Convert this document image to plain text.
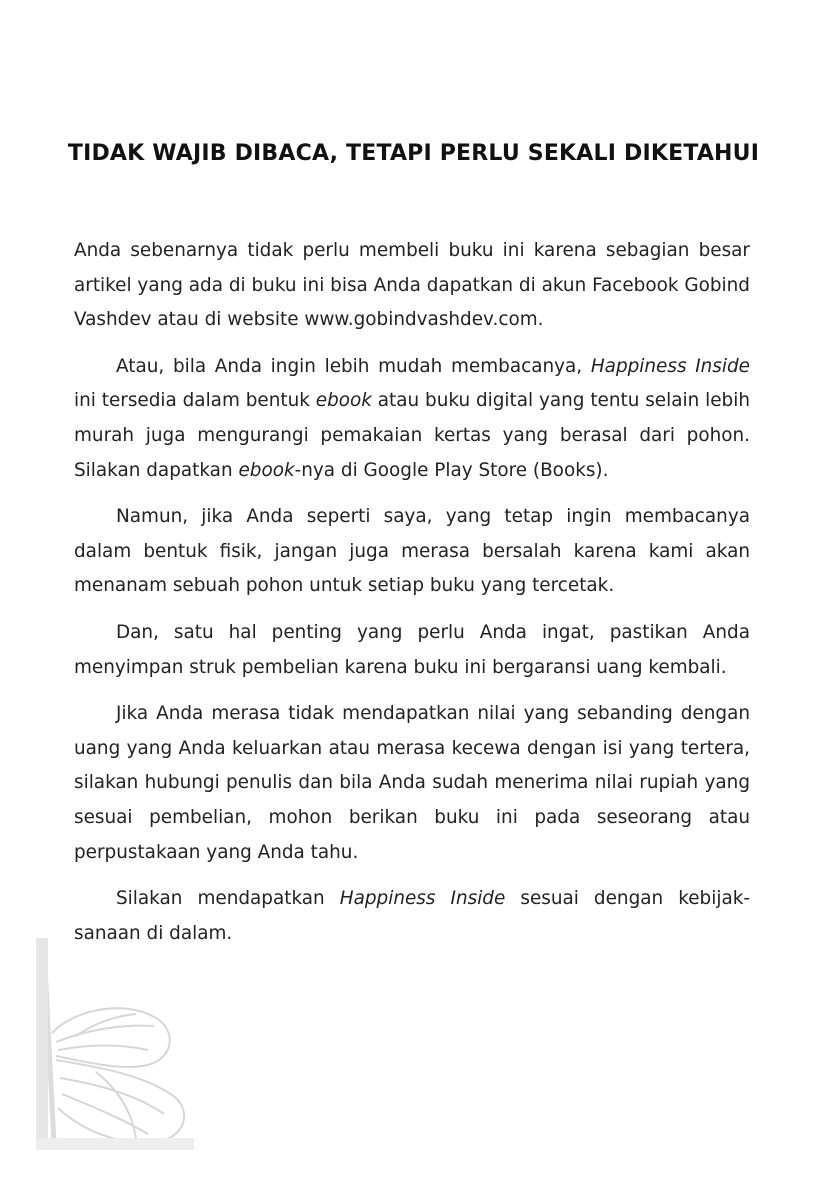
TIDAK WAJIB DIBACA, TETAPI PERLU SEKALI DIKETAHUI

Anda sebenarnya tidak perlu membeli buku ini karena sebagian besar artikel yang ada di buku ini bisa Anda dapatkan di akun Facebook Gobind Vashdev atau di website www.gobindvashdev.com.

Atau, bila Anda ingin lebih mudah membacanya, Happiness Inside ini tersedia dalam bentuk ebook atau buku digital yang tentu selain lebih murah juga mengurangi pemakaian kertas yang berasal dari pohon. Silakan dapatkan ebook-nya di Google Play Store (Books).

Namun, jika Anda seperti saya, yang tetap ingin membacanya dalam bentuk fisik, jangan juga merasa bersalah karena kami akan menanam sebuah pohon untuk setiap buku yang tercetak.

Dan, satu hal penting yang perlu Anda ingat, pastikan Anda menyimpan struk pembelian karena buku ini bergaransi uang kembali.

Jika Anda merasa tidak mendapatkan nilai yang sebanding dengan uang yang Anda keluarkan atau merasa kecewa dengan isi yang tertera, silakan hubungi penulis dan bila Anda sudah menerima nilai rupiah yang sesuai pembelian, mohon berikan buku ini pada seseorang atau perpustakaan yang Anda tahu.

Silakan mendapatkan Happiness Inside sesuai dengan kebijak-sanaan di dalam.
